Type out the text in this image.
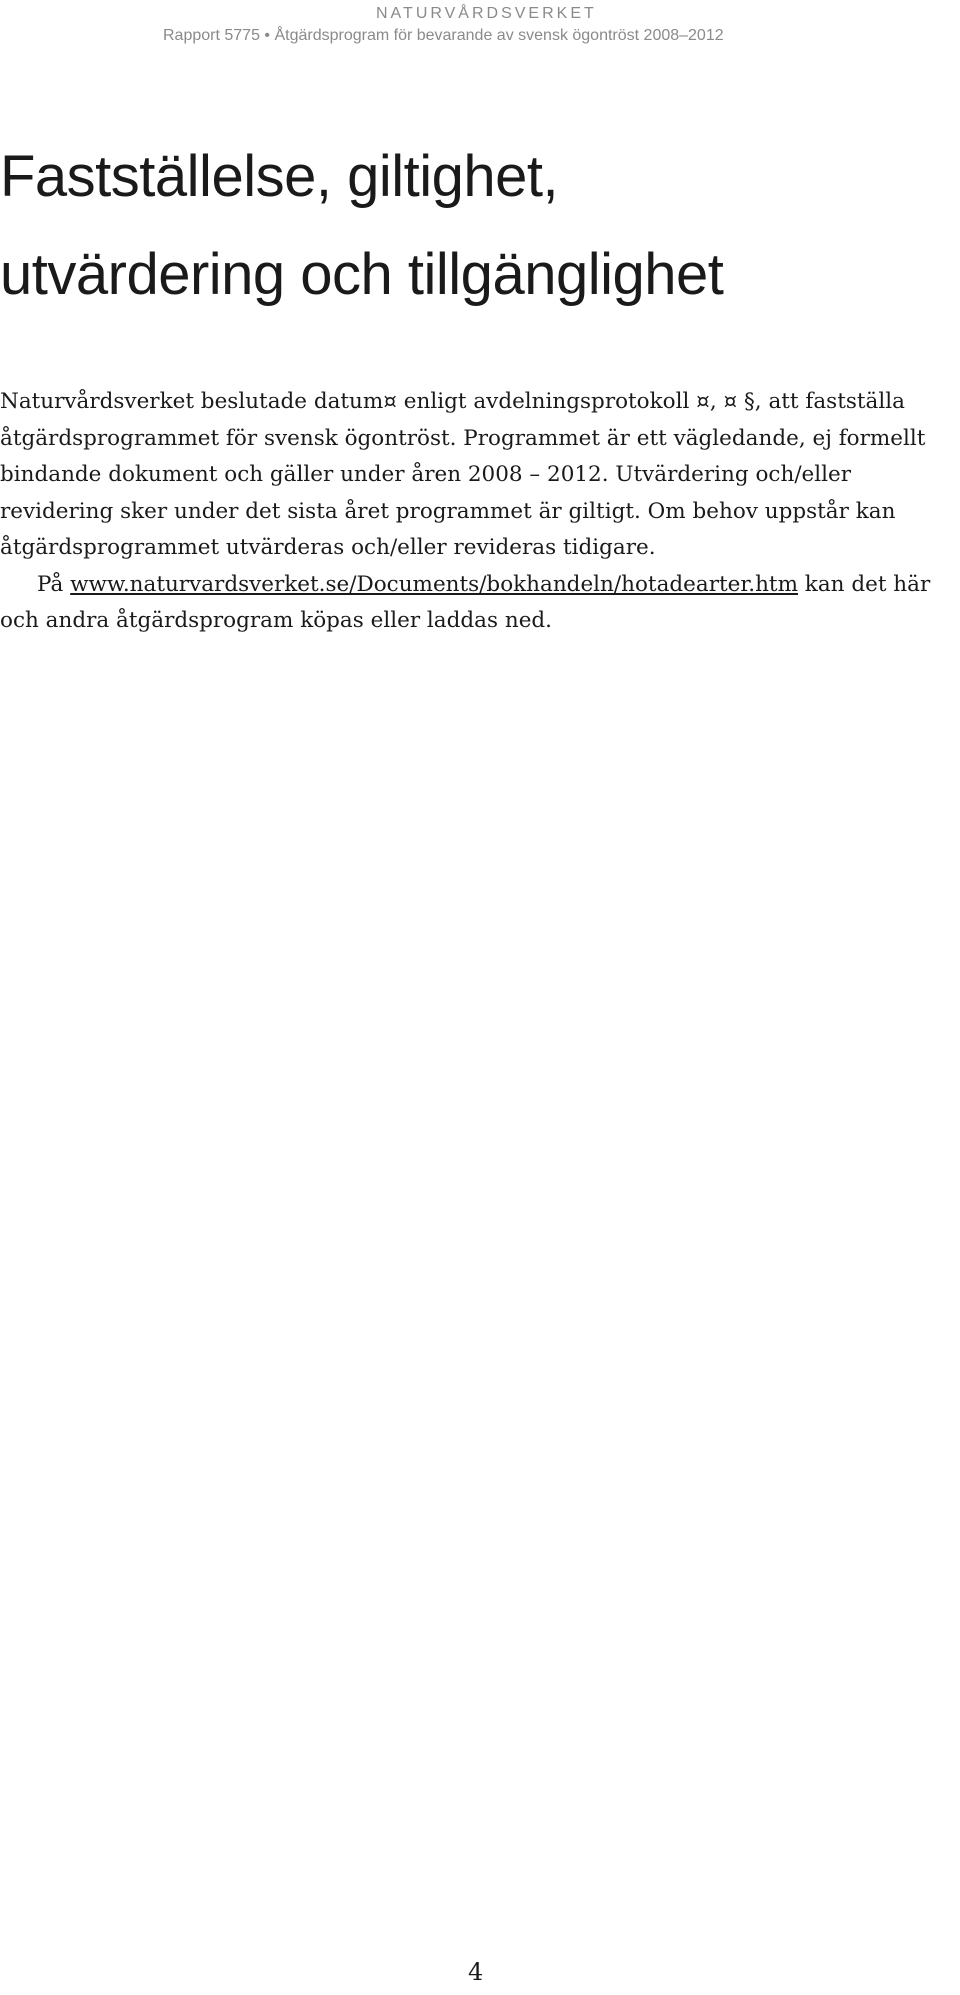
NATURVÅRDSVERKET
Rapport 5775 • Åtgärdsprogram för bevarande av svensk ögontröst 2008–2012
Fastställelse, giltighet,
utvärdering och tillgänglighet

Naturvårdsverket beslutade datum¤ enligt avdelningsprotokoll ¤, ¤ §, att fastställa åtgärdsprogrammet för svensk ögontröst. Programmet är ett vägledande, ej formellt bindande dokument och gäller under åren 2008 – 2012. Utvärdering och/eller revidering sker under det sista året programmet är giltigt. Om behov uppstår kan åtgärdsprogrammet utvärderas och/eller revideras tidigare.

På www.naturvardsverket.se/Documents/bokhandeln/hotadearter.htm kan det här och andra åtgärdsprogram köpas eller laddas ned.

4
